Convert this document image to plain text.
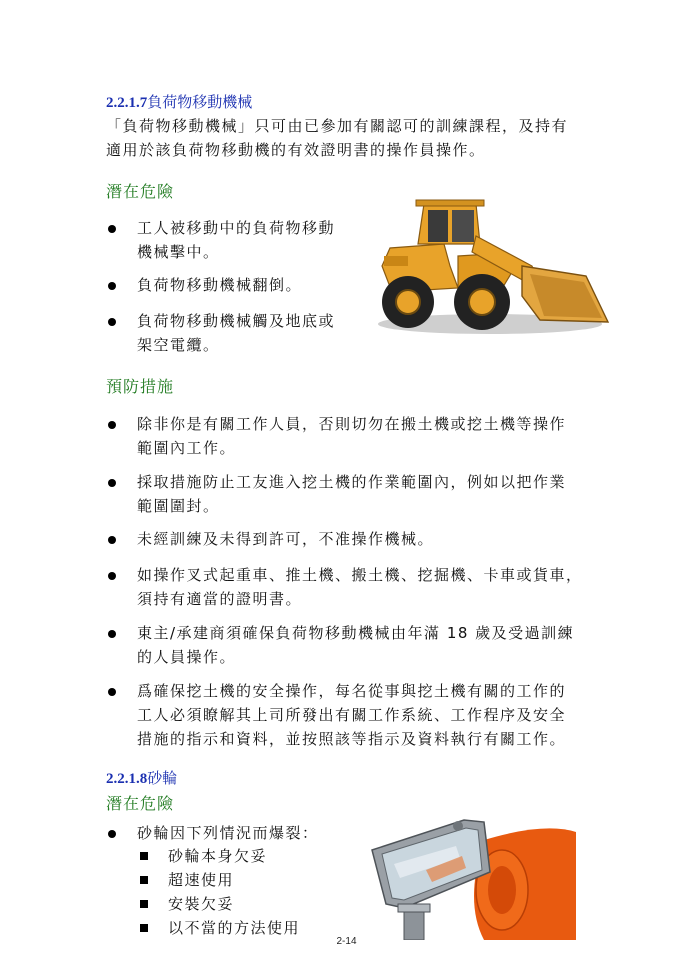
2.2.1.7負荷物移動機械
「負荷物移動機械」只可由已參加有關認可的訓練課程，及持有
適用於該負荷物移動機的有效證明書的操作員操作。
潛在危險
工人被移動中的負荷物移動
機械擊中。
負荷物移動機械翻倒。
負荷物移動機械觸及地底或
架空電纜。
預防措施
除非你是有關工作人員，否則切勿在搬土機或挖土機等操作
範圍內工作。
採取措施防止工友進入挖土機的作業範圍內，例如以把作業
範圍圍封。
未經訓練及未得到許可，不准操作機械。
如操作叉式起重車、推土機、搬土機、挖掘機、卡車或貨車，
須持有適當的證明書。
東主/承建商須確保負荷物移動機械由年滿 18 歲及受過訓練
的人員操作。
爲確保挖土機的安全操作，每名從事與挖土機有關的工作的
工人必須瞭解其上司所發出有關工作系統、工作程序及安全
措施的指示和資料，並按照該等指示及資料執行有關工作。
2.2.1.8砂輪
潛在危險
砂輪因下列情況而爆裂：
砂輪本身欠妥
超速使用
安裝欠妥
以不當的方法使用
2-14
